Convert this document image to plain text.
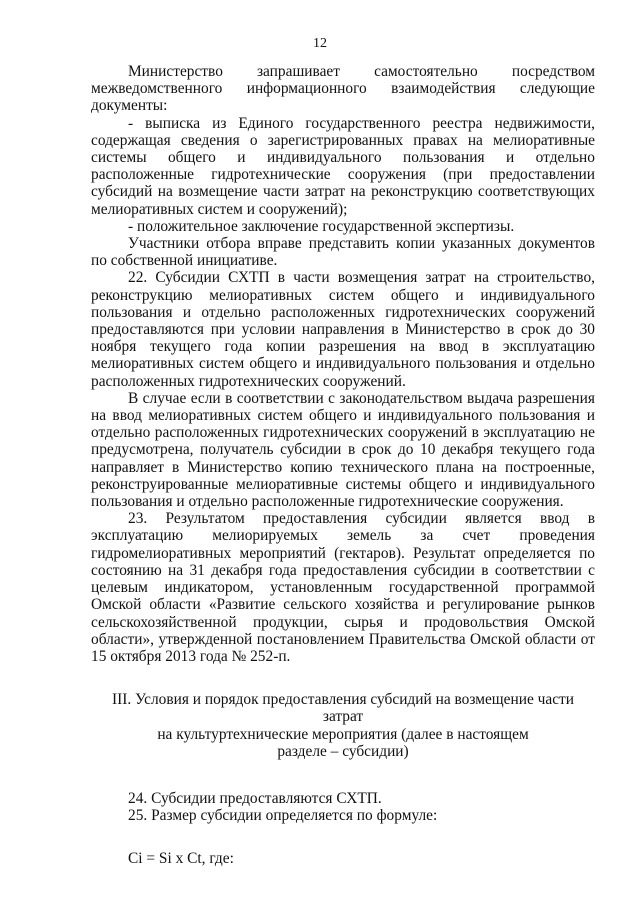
12

Министерство запрашивает самостоятельно посредством межведомственного информационного взаимодействия следующие документы:

- выписка из Единого государственного реестра недвижимости, содержащая сведения о зарегистрированных правах на мелиоративные системы общего и индивидуального пользования и отдельно расположенные гидротехнические сооружения (при предоставлении субсидий на возмещение части затрат на реконструкцию соответствующих мелиоративных систем и сооружений);

- положительное заключение государственной экспертизы.

Участники отбора вправе представить копии указанных документов по собственной инициативе.

22. Субсидии СХТП в части возмещения затрат на строительство, реконструкцию мелиоративных систем общего и индивидуального пользования и отдельно расположенных гидротехнических сооружений предоставляются при условии направления в Министерство в срок до 30 ноября текущего года копии разрешения на ввод в эксплуатацию мелиоративных систем общего и индивидуального пользования и отдельно расположенных гидротехнических сооружений.

В случае если в соответствии с законодательством выдача разрешения на ввод мелиоративных систем общего и индивидуального пользования и отдельно расположенных гидротехнических сооружений в эксплуатацию не предусмотрена, получатель субсидии в срок до 10 декабря текущего года направляет в Министерство копию технического плана на построенные, реконструированные мелиоративные системы общего и индивидуального пользования и отдельно расположенные гидротехнические сооружения.

23. Результатом предоставления субсидии является ввод в эксплуатацию мелиорируемых земель за счет проведения гидромелиоративных мероприятий (гектаров). Результат определяется по состоянию на 31 декабря года предоставления субсидии в соответствии с целевым индикатором, установленным государственной программой Омской области «Развитие сельского хозяйства и регулирование рынков сельскохозяйственной продукции, сырья и продовольствия Омской области», утвержденной постановлением Правительства Омской области от 15 октября 2013 года № 252-п.

III. Условия и порядок предоставления субсидий на возмещение части затрат
на культуртехнические мероприятия (далее в настоящем
разделе – субсидии)

24. Субсидии предоставляются СХТП.

25. Размер субсидии определяется по формуле:

Ci = Si x Ct, где:
